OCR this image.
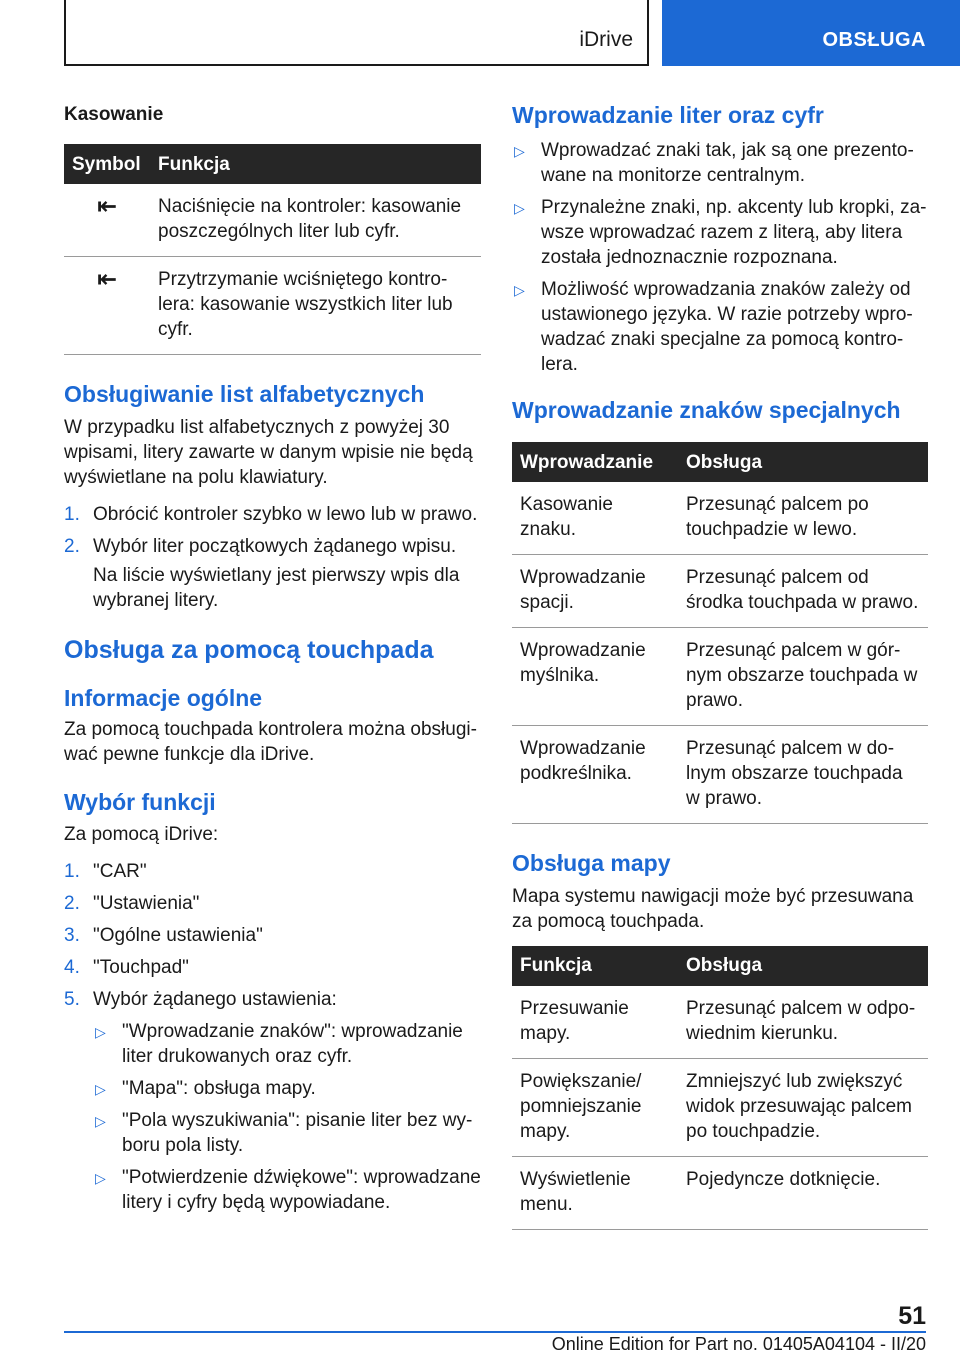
iDrive	OBSŁUGA
Kasowanie
Symbol	Funkcja

⇤	Naciśnięcie na kontroler: kasowanie poszczególnych liter lub cyfr.

⇤	Przytrzymanie wciśniętego kontrolera: kasowanie wszystkich liter lub cyfr.
Obsługiwanie list alfabetycznych

W przypadku list alfabetycznych z powyżej 30 wpisami, litery zawarte w danym wpisie nie będą wyświetlane na polu klawiatury.

1. Obrócić kontroler szybko w lewo lub w prawo.
2. Wybór liter początkowych żądanego wpisu.

Na liście wyświetlany jest pierwszy wpis dla wybranej litery.

Obsługa za pomocą touchpada
Informacje ogólne

Za pomocą touchpada kontrolera można obsługiwać pewne funkcje dla iDrive.

Wybór funkcji

Za pomocą iDrive:

1. "CAR"
2. "Ustawienia"
3. "Ogólne ustawienia"
4. "Touchpad"
5. Wybór żądanego ustawienia:
▷ "Wprowadzanie znaków": wprowadzanie liter drukowanych oraz cyfr.
▷ "Mapa": obsługa mapy.
▷ "Pola wyszukiwania": pisanie liter bez wyboru pola listy.
▷ "Potwierdzenie dźwiękowe": wprowadzane litery i cyfry będą wypowiadane.
Wprowadzanie liter oraz cyfr
▷ Wprowadzać znaki tak, jak są one prezentowane na monitorze centralnym.
▷ Przynależne znaki, np. akcenty lub kropki, zawsze wprowadzać razem z literą, aby litera została jednoznacznie rozpoznana.
▷ Możliwość wprowadzania znaków zależy od ustawionego języka. W razie potrzeby wprowadzać znaki specjalne za pomocą kontrolera.
Wprowadzanie znaków specjalnych
Wprowadzanie	Obsługa
Kasowanie znaku.	Przesunąć palcem po touchpadzie w lewo.
Wprowadzanie spacji.	Przesunąć palcem od środka touchpada w prawo.
Wprowadzanie myślnika.	Przesunąć palcem w górnym obszarze touchpada w prawo.
Wprowadzanie podkreślnika.	Przesunąć palcem w dolnym obszarze touchpada w prawo.
Obsługa mapy

Mapa systemu nawigacji może być przesuwana za pomocą touchpada.

Funkcja	Obsługa
Przesuwanie mapy.	Przesunąć palcem w odpowiednim kierunku.
Powiększanie/ pomniejszanie mapy.	Zmniejszyć lub zwiększyć widok przesuwając palcem po touchpadzie.
Wyświetlenie menu.	Pojedyncze dotknięcie.
51
Online Edition for Part no. 01405A04104 - II/20
